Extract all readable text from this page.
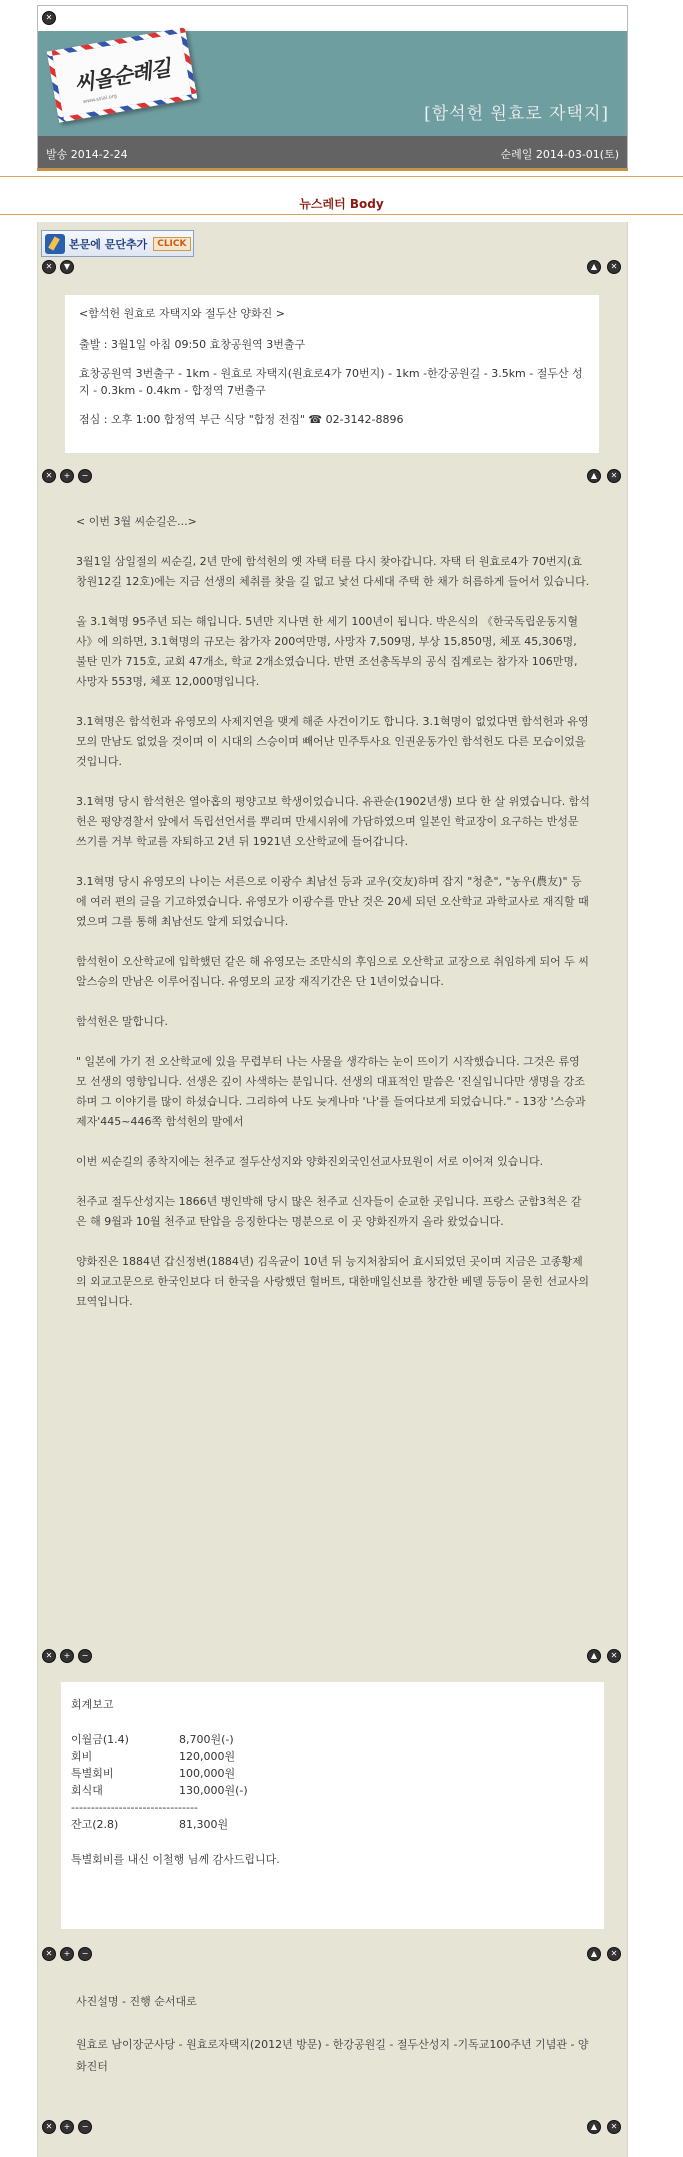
✕
씨올순례길
www.ssial.org
[함석헌 원효로 자택지]
발송 2014-2-24	순례일 2014-03-01(토)
뉴스레터 Body
본문에 문단추가	CLICK
✕	▼	▲	✕

<함석헌 원효로 자택지와 절두산 양화진 >

출발 : 3월1일 아침 09:50 효창공원역 3번출구

효창공원역 3번출구 - 1km - 원효로 자택지(원효로4가 70번지) - 1km -한강공원길 - 3.5km - 절두산 성지 - 0.3km - 0.4km - 합정역 7번출구

점심 : 오후 1:00 합정역 부근 식당 "합정 전집" ☎ 02-3142-8896

✕	+	−	▲	✕

< 이번 3월 씨순길은...>

3월1일 삼일절의 씨순길, 2년 만에 함석헌의 옛 자택 터를 다시 찾아갑니다. 자택 터 원효로4가 70번지(효창원12길 12호)에는 지금 선생의 체취를 찾을 길 없고 낯선 다세대 주택 한 채가 허름하게 들어서 있습니다.

올 3.1혁명 95주년 되는 해입니다. 5년만 지나면 한 세기 100년이 됩니다. 박은식의 《한국독립운동지혈사》에 의하면, 3.1혁명의 규모는 참가자 200여만명, 사망자 7,509명, 부상 15,850명, 체포 45,306명, 불탄 민가 715호, 교회 47개소, 학교 2개소였습니다. 반면 조선총독부의 공식 집계로는 참가자 106만명, 사망자 553명, 체포 12,000명입니다.

3.1혁명은 함석헌과 유영모의 사제지연을 맺게 해준 사건이기도 합니다. 3.1혁명이 없었다면 함석헌과 유영모의 만남도 없었을 것이며 이 시대의 스승이며 빼어난 민주투사요 인권운동가인 함석헌도 다른 모습이었을 것입니다.

3.1혁명 당시 함석헌은 열아홉의 평양고보 학생이었습니다. 유관순(1902년생) 보다 한 살 위였습니다. 함석헌은 평양경찰서 앞에서 독립선언서를 뿌리며 만세시위에 가담하였으며 일본인 학교장이 요구하는 반성문 쓰기를 거부 학교를 자퇴하고 2년 뒤 1921년 오산학교에 들어갑니다.

3.1혁명 당시 유영모의 나이는 서른으로 이광수 최남선 등과 교우(交友)하며 잡지 "청춘", "농우(農友)" 등에 여러 편의 글을 기고하였습니다. 유영모가 이광수를 만난 것은 20세 되던 오산학교 과학교사로 재직할 때 였으며 그를 통해 최남선도 알게 되었습니다.

함석헌이 오산학교에 입학했던 같은 해 유영모는 조만식의 후임으로 오산학교 교장으로 취임하게 되어 두 씨알스승의 만남은 이루어집니다. 유영모의 교장 재직기간은 단 1년이었습니다.

함석헌은 말합니다.

" 일본에 가기 전 오산학교에 있을 무렵부터 나는 사물을 생각하는 눈이 뜨이기 시작했습니다. 그것은 류영모 선생의 영향입니다. 선생은 깊이 사색하는 분입니다. 선생의 대표적인 말씀은 '진실입니다만 생명을 강조하며 그 이야기를 많이 하셨습니다. 그리하여 나도 늦게나마 '나'를 들여다보게 되었습니다." - 13장 '스승과 제자'445~446쪽 함석헌의 말에서

이번 씨순길의 종착지에는 천주교 절두산성지와 양화진외국인선교사묘원이 서로 이어져 있습니다.

천주교 절두산성지는 1866년 병인박해 당시 많은 천주교 신자들이 순교한 곳입니다. 프랑스 군함3척은 같은 해 9월과 10월 천주교 탄압을 응징한다는 명분으로 이 곳 양화진까지 올라 왔었습니다.

양화진은 1884년 갑신정변(1884년) 김옥균이 10년 뒤 능지처참되어 효시되었던 곳이며 지금은 고종황제의 외교고문으로 한국인보다 더 한국을 사랑했던 헐버트, 대한매일신보를 창간한 베델 등등이 묻힌 선교사의 묘역입니다.

✕	+	−	▲	✕

회계보고

이월금(1.4)	8,700원(-)
회비	120,000원
특별회비	100,000원
회식대	130,000원(-)

--------------------------------

잔고(2.8)	81,300원

특별회비를 내신 이철행 님께 감사드립니다.

✕	+	−	▲	✕

사진설명 - 진행 순서대로

원효로 남이장군사당 - 원효로자택지(2012년 방문) - 한강공원길 - 절두산성지 -기독교100주년 기념관 - 양화진터

✕	+	−	▲	✕
